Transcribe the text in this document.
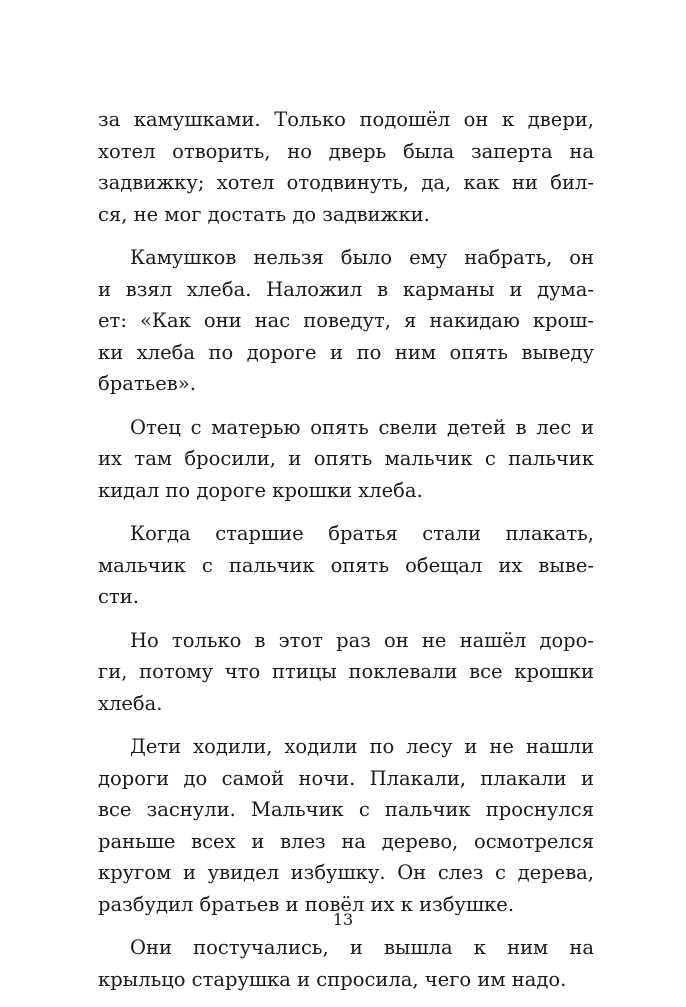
за камушками. Только подошёл он к двери,
хотел отворить, но дверь была заперта на
задвижку; хотел отодвинуть, да, как ни бил-
ся, не мог достать до задвижки.
Камушков нельзя было ему набрать, он
и взял хлеба. Наложил в карманы и дума-
ет: «Как они нас поведут, я накидаю крош-
ки хлеба по дороге и по ним опять выведу
братьев».
Отец с матерью опять свели детей в лес и
их там бросили, и опять мальчик с пальчик
кидал по дороге крошки хлеба.
Когда старшие братья стали плакать,
мальчик с пальчик опять обещал их выве-
сти.
Но только в этот раз он не нашёл доро-
ги, потому что птицы поклевали все крошки
хлеба.
Дети ходили, ходили по лесу и не нашли
дороги до самой ночи. Плакали, плакали и
все заснули. Мальчик с пальчик проснулся
раньше всех и влез на дерево, осмотрелся
кругом и увидел избушку. Он слез с дерева,
разбудил братьев и повёл их к избушке.
Они постучались, и вышла к ним на
крыльцо старушка и спросила, чего им надо.
13
